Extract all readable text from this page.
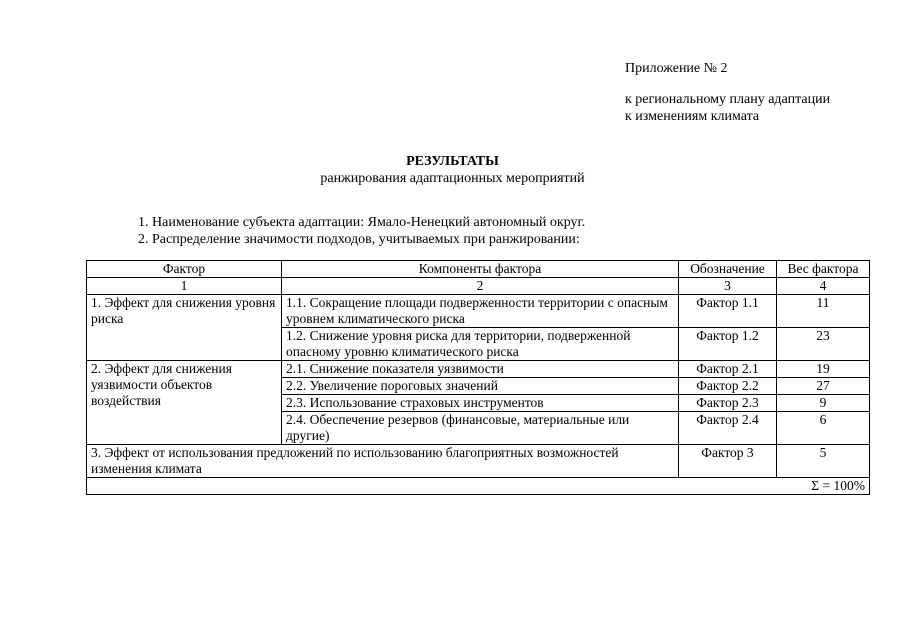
Приложение № 2
к региональному плану адаптации
к изменениям климата
РЕЗУЛЬТАТЫ
ранжирования адаптационных мероприятий
1. Наименование субъекта адаптации: Ямало-Ненецкий автономный округ.
2. Распределение значимости подходов, учитываемых при ранжировании:
Фактор	Компоненты фактора	Обозначение	Вес фактора
1	2	3	4
1. Эффект для снижения уровня риска	1.1. Сокращение площади подверженности территории с опасным уровнем климатического риска	Фактор 1.1	11
	1.2. Снижение уровня риска для территории, подверженной опасному уровню климатического риска	Фактор 1.2	23
2. Эффект для снижения уязвимости объектов воздействия	2.1. Снижение показателя уязвимости	Фактор 2.1	19
	2.2. Увеличение пороговых значений	Фактор 2.2	27
	2.3. Использование страховых инструментов	Фактор 2.3	9
	2.4. Обеспечение резервов (финансовые, материальные или другие)	Фактор 2.4	6
3. Эффект от использования предложений по использованию благоприятных возможностей изменения климата		Фактор 3	5
Σ = 100%			
